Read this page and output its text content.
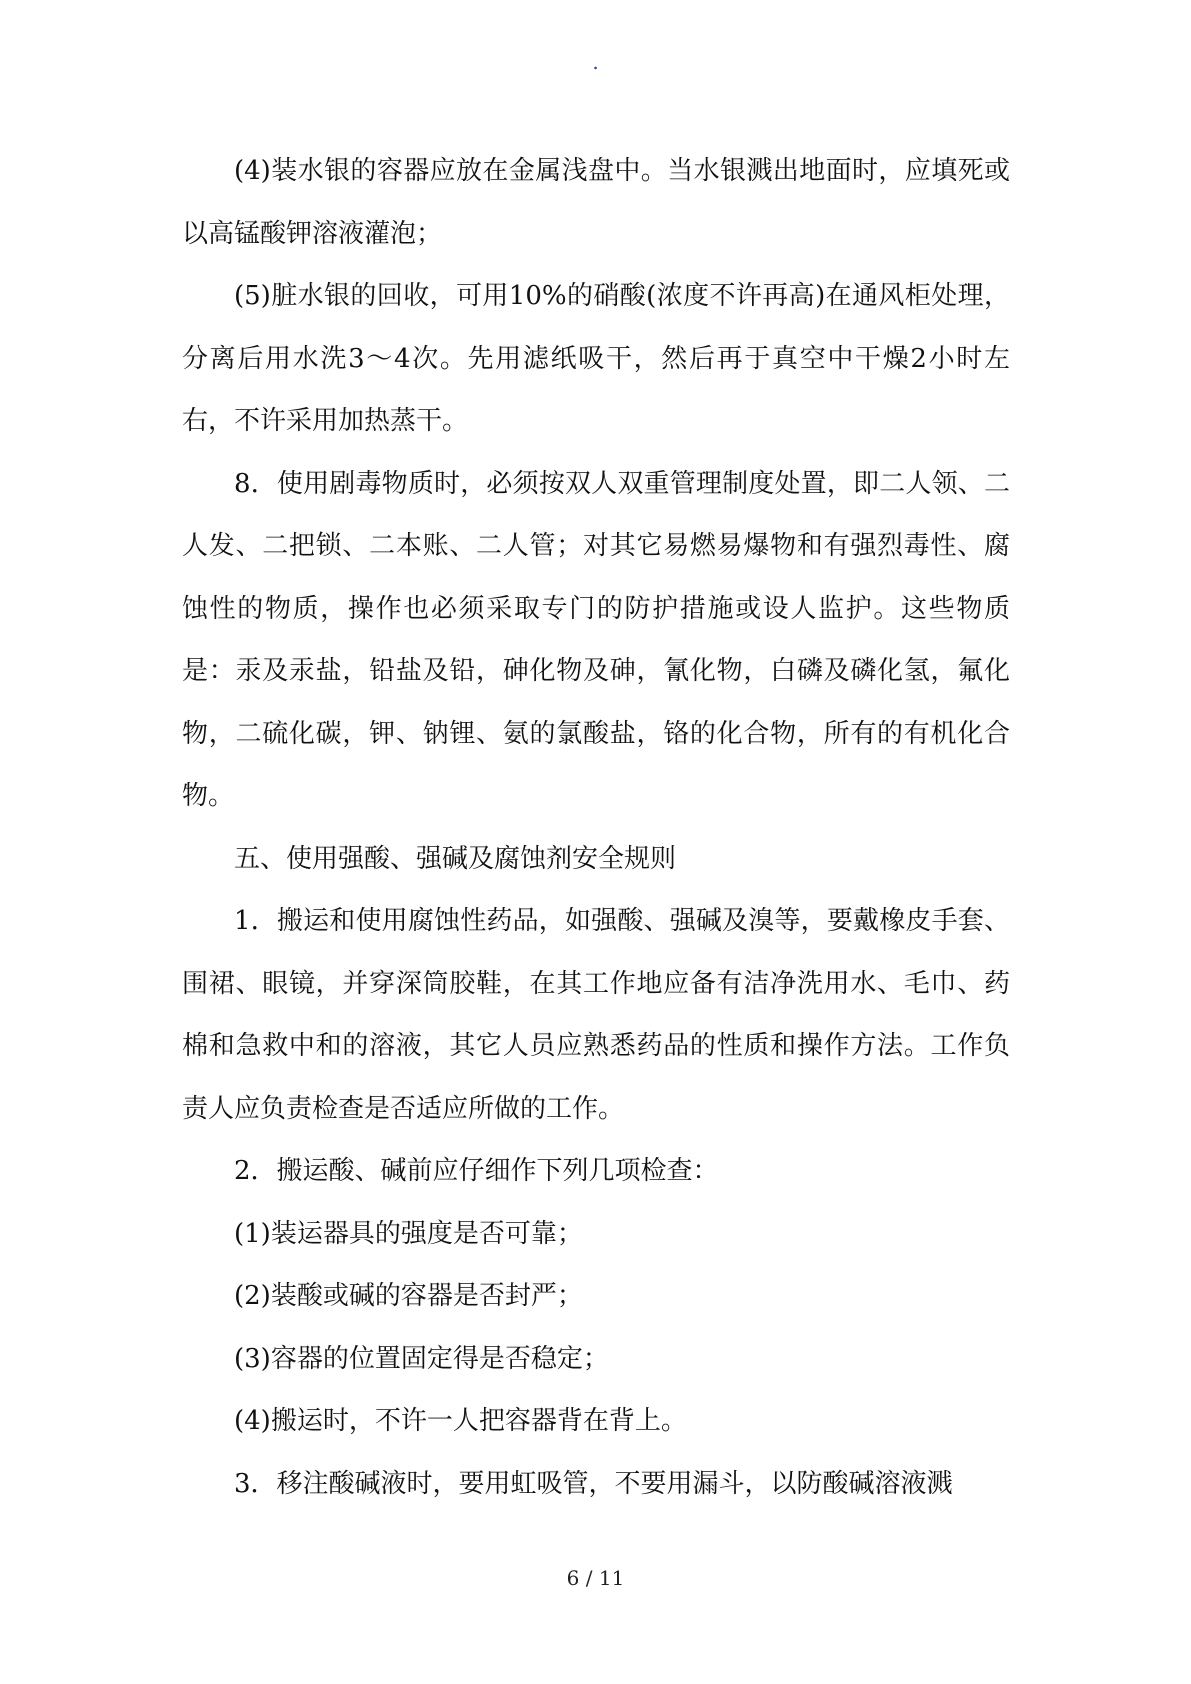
.

(4)装水银的容器应放在金属浅盘中。当水银溅出地面时，应填死或以高锰酸钾溶液灌泡；

(5)脏水银的回收，可用10%的硝酸(浓度不许再高)在通风柜处理，分离后用水洗3～4次。先用滤纸吸干，然后再于真空中干燥2小时左右，不许采用加热蒸干。

8．使用剧毒物质时，必须按双人双重管理制度处置，即二人领、二人发、二把锁、二本账、二人管；对其它易燃易爆物和有强烈毒性、腐蚀性的物质，操作也必须采取专门的防护措施或设人监护。这些物质是：汞及汞盐，铅盐及铅，砷化物及砷，氰化物，白磷及磷化氢，氟化物，二硫化碳，钾、钠锂、氨的氯酸盐，铬的化合物，所有的有机化合物。

五、使用强酸、强碱及腐蚀剂安全规则

1．搬运和使用腐蚀性药品，如强酸、强碱及溴等，要戴橡皮手套、围裙、眼镜，并穿深筒胶鞋，在其工作地应备有洁净洗用水、毛巾、药棉和急救中和的溶液，其它人员应熟悉药品的性质和操作方法。工作负责人应负责检查是否适应所做的工作。

2．搬运酸、碱前应仔细作下列几项检查：

(1)装运器具的强度是否可靠；

(2)装酸或碱的容器是否封严；

(3)容器的位置固定得是否稳定；

(4)搬运时，不许一人把容器背在背上。

3．移注酸碱液时，要用虹吸管，不要用漏斗，以防酸碱溶液溅

6 / 11
